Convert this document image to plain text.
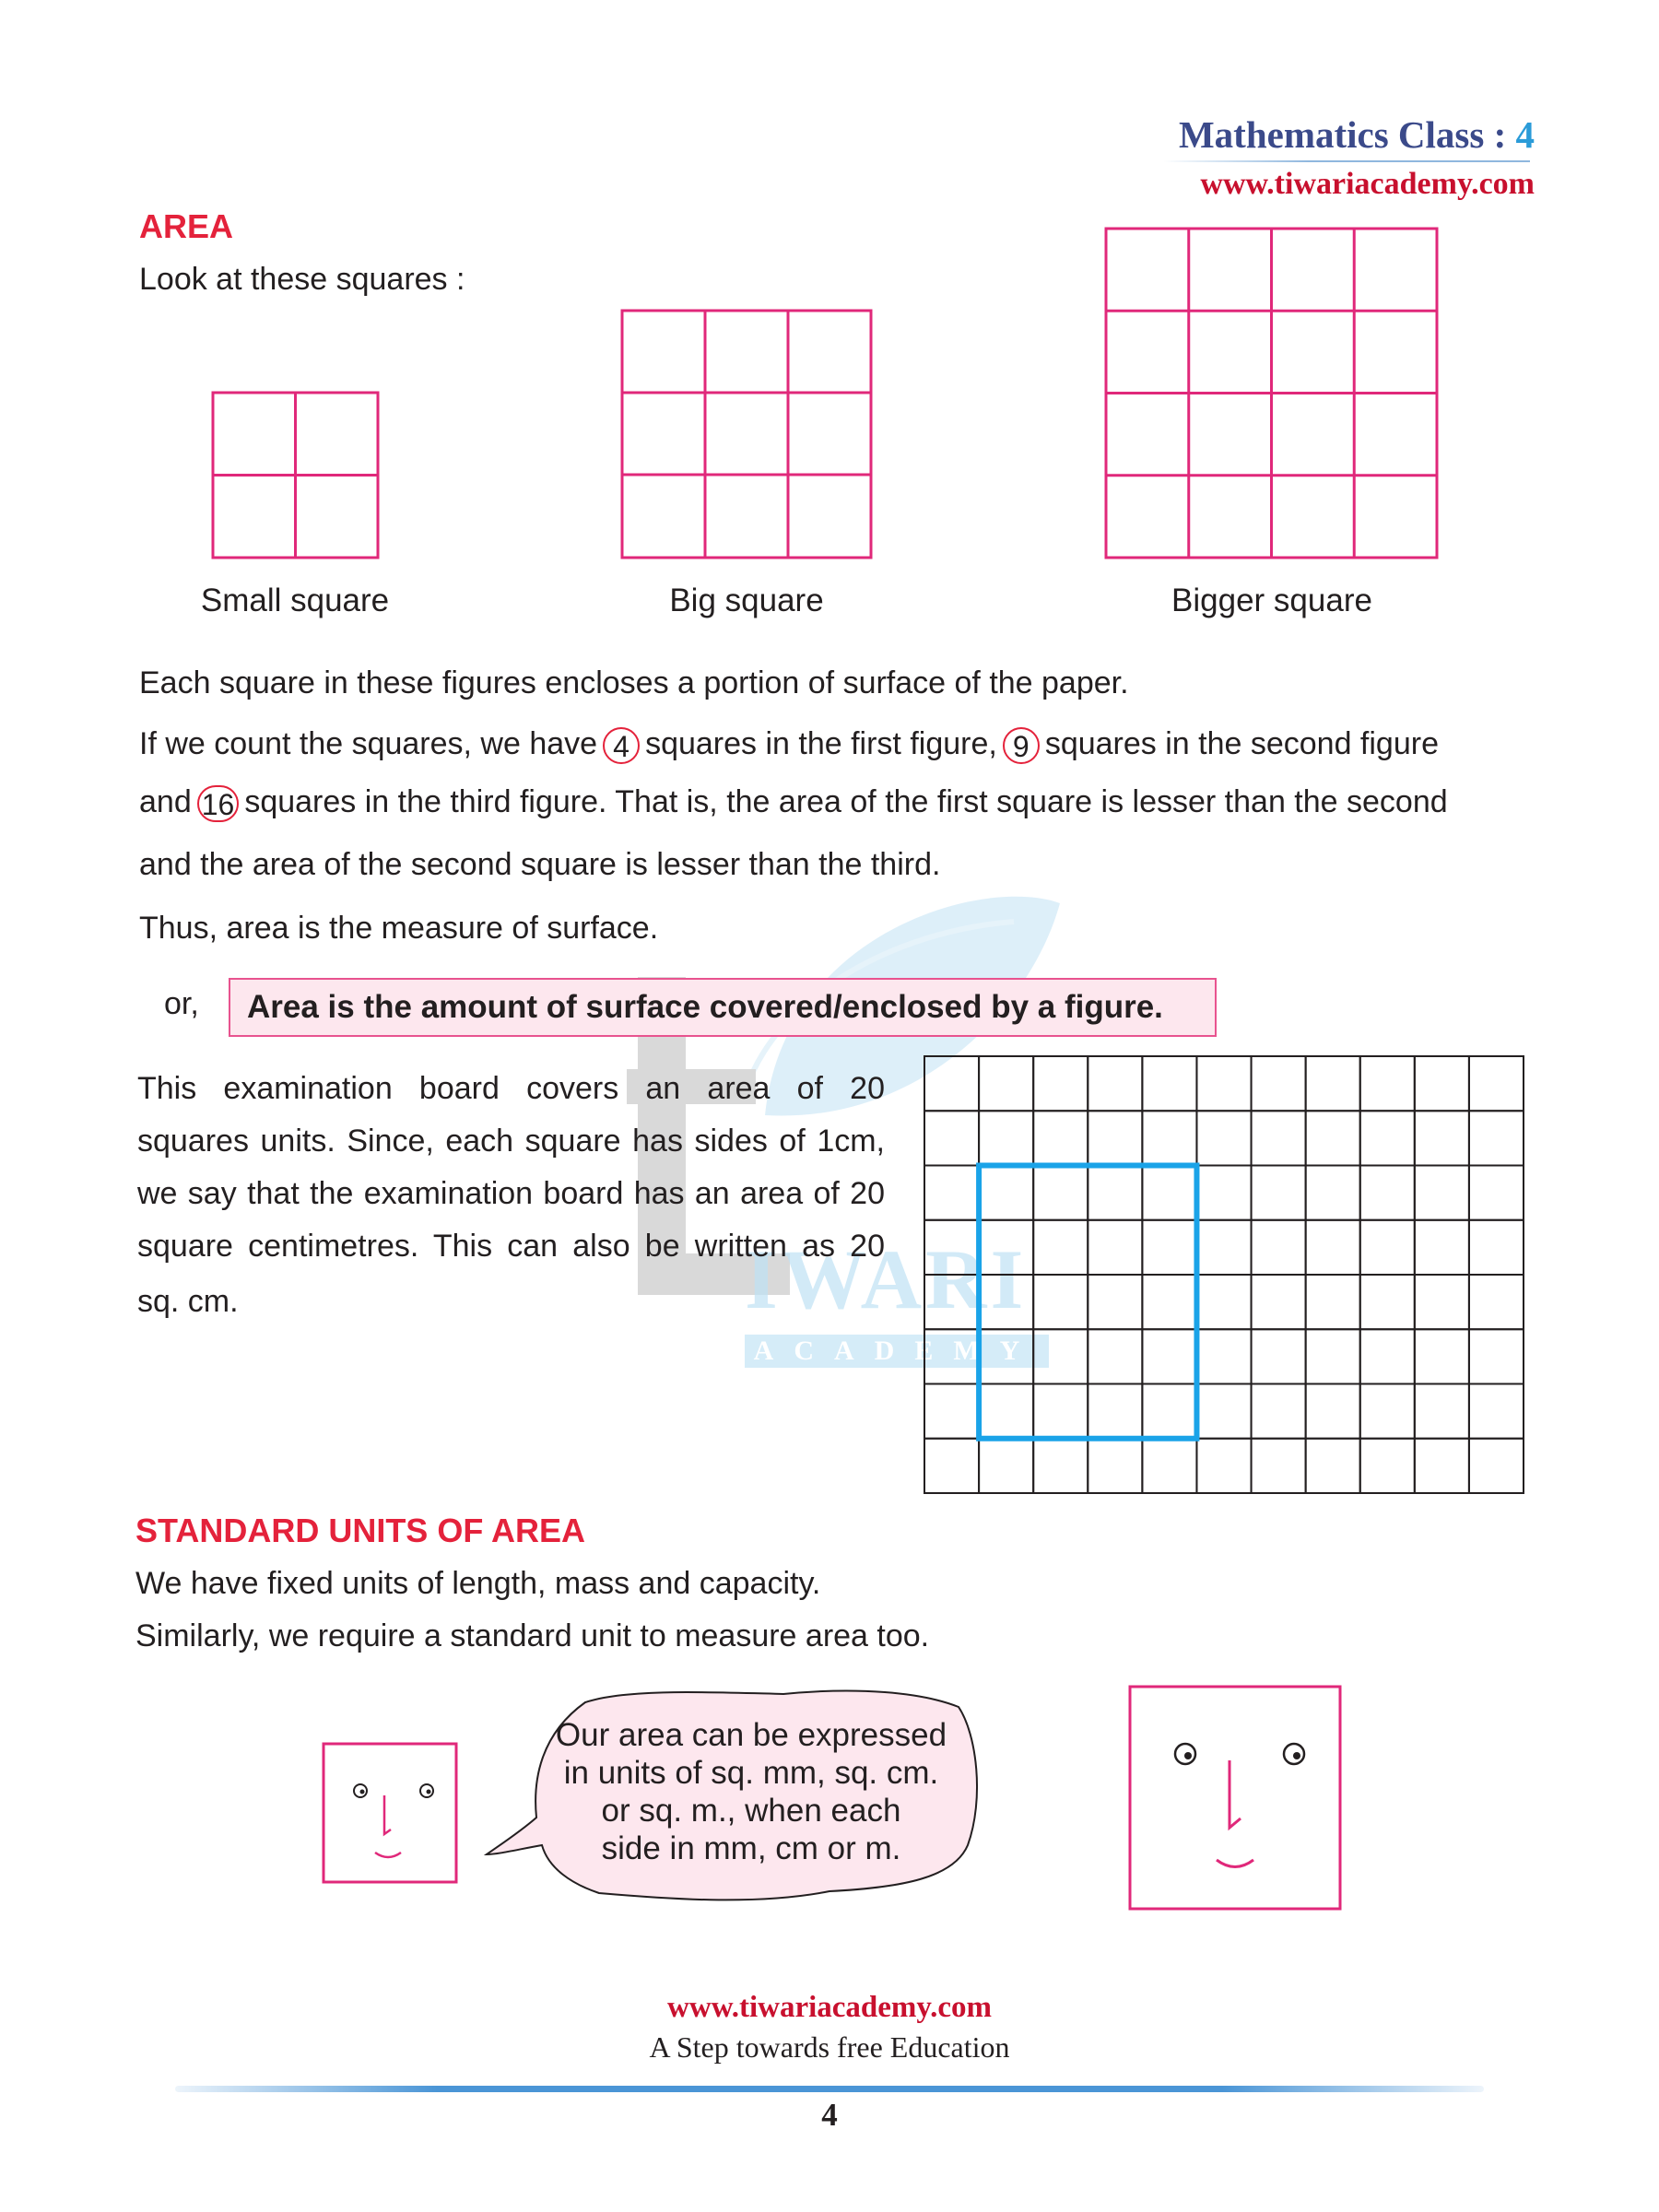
IWARI
ACADEMY
Mathematics Class : 4
www.tiwariacademy.com
AREA
Look at these squares :
Small square	Big square	Bigger square
Each square in these figures encloses a portion of surface of the paper.
If we count the squares, we have 4 squares in the first figure, 9 squares in the second figure
and 16 squares in the third figure. That is, the area of the first square is lesser than the second
and the area of the second square is lesser than the third.
Thus, area is the measure of surface.
or,	Area is the amount of surface covered/enclosed by a figure.
This examination board covers an area of 20
squares units. Since, each square has sides of 1cm,
we say that the examination board has an area of 20
square centimetres. This can also be written as 20
sq. cm.
STANDARD UNITS OF AREA
We have fixed units of length, mass and capacity.
Similarly, we require a standard unit to measure area too.
Our area can be expressed
in units of sq. mm, sq. cm.
or sq. m., when each
side in mm, cm or m.
www.tiwariacademy.com
A Step towards free Education
4
